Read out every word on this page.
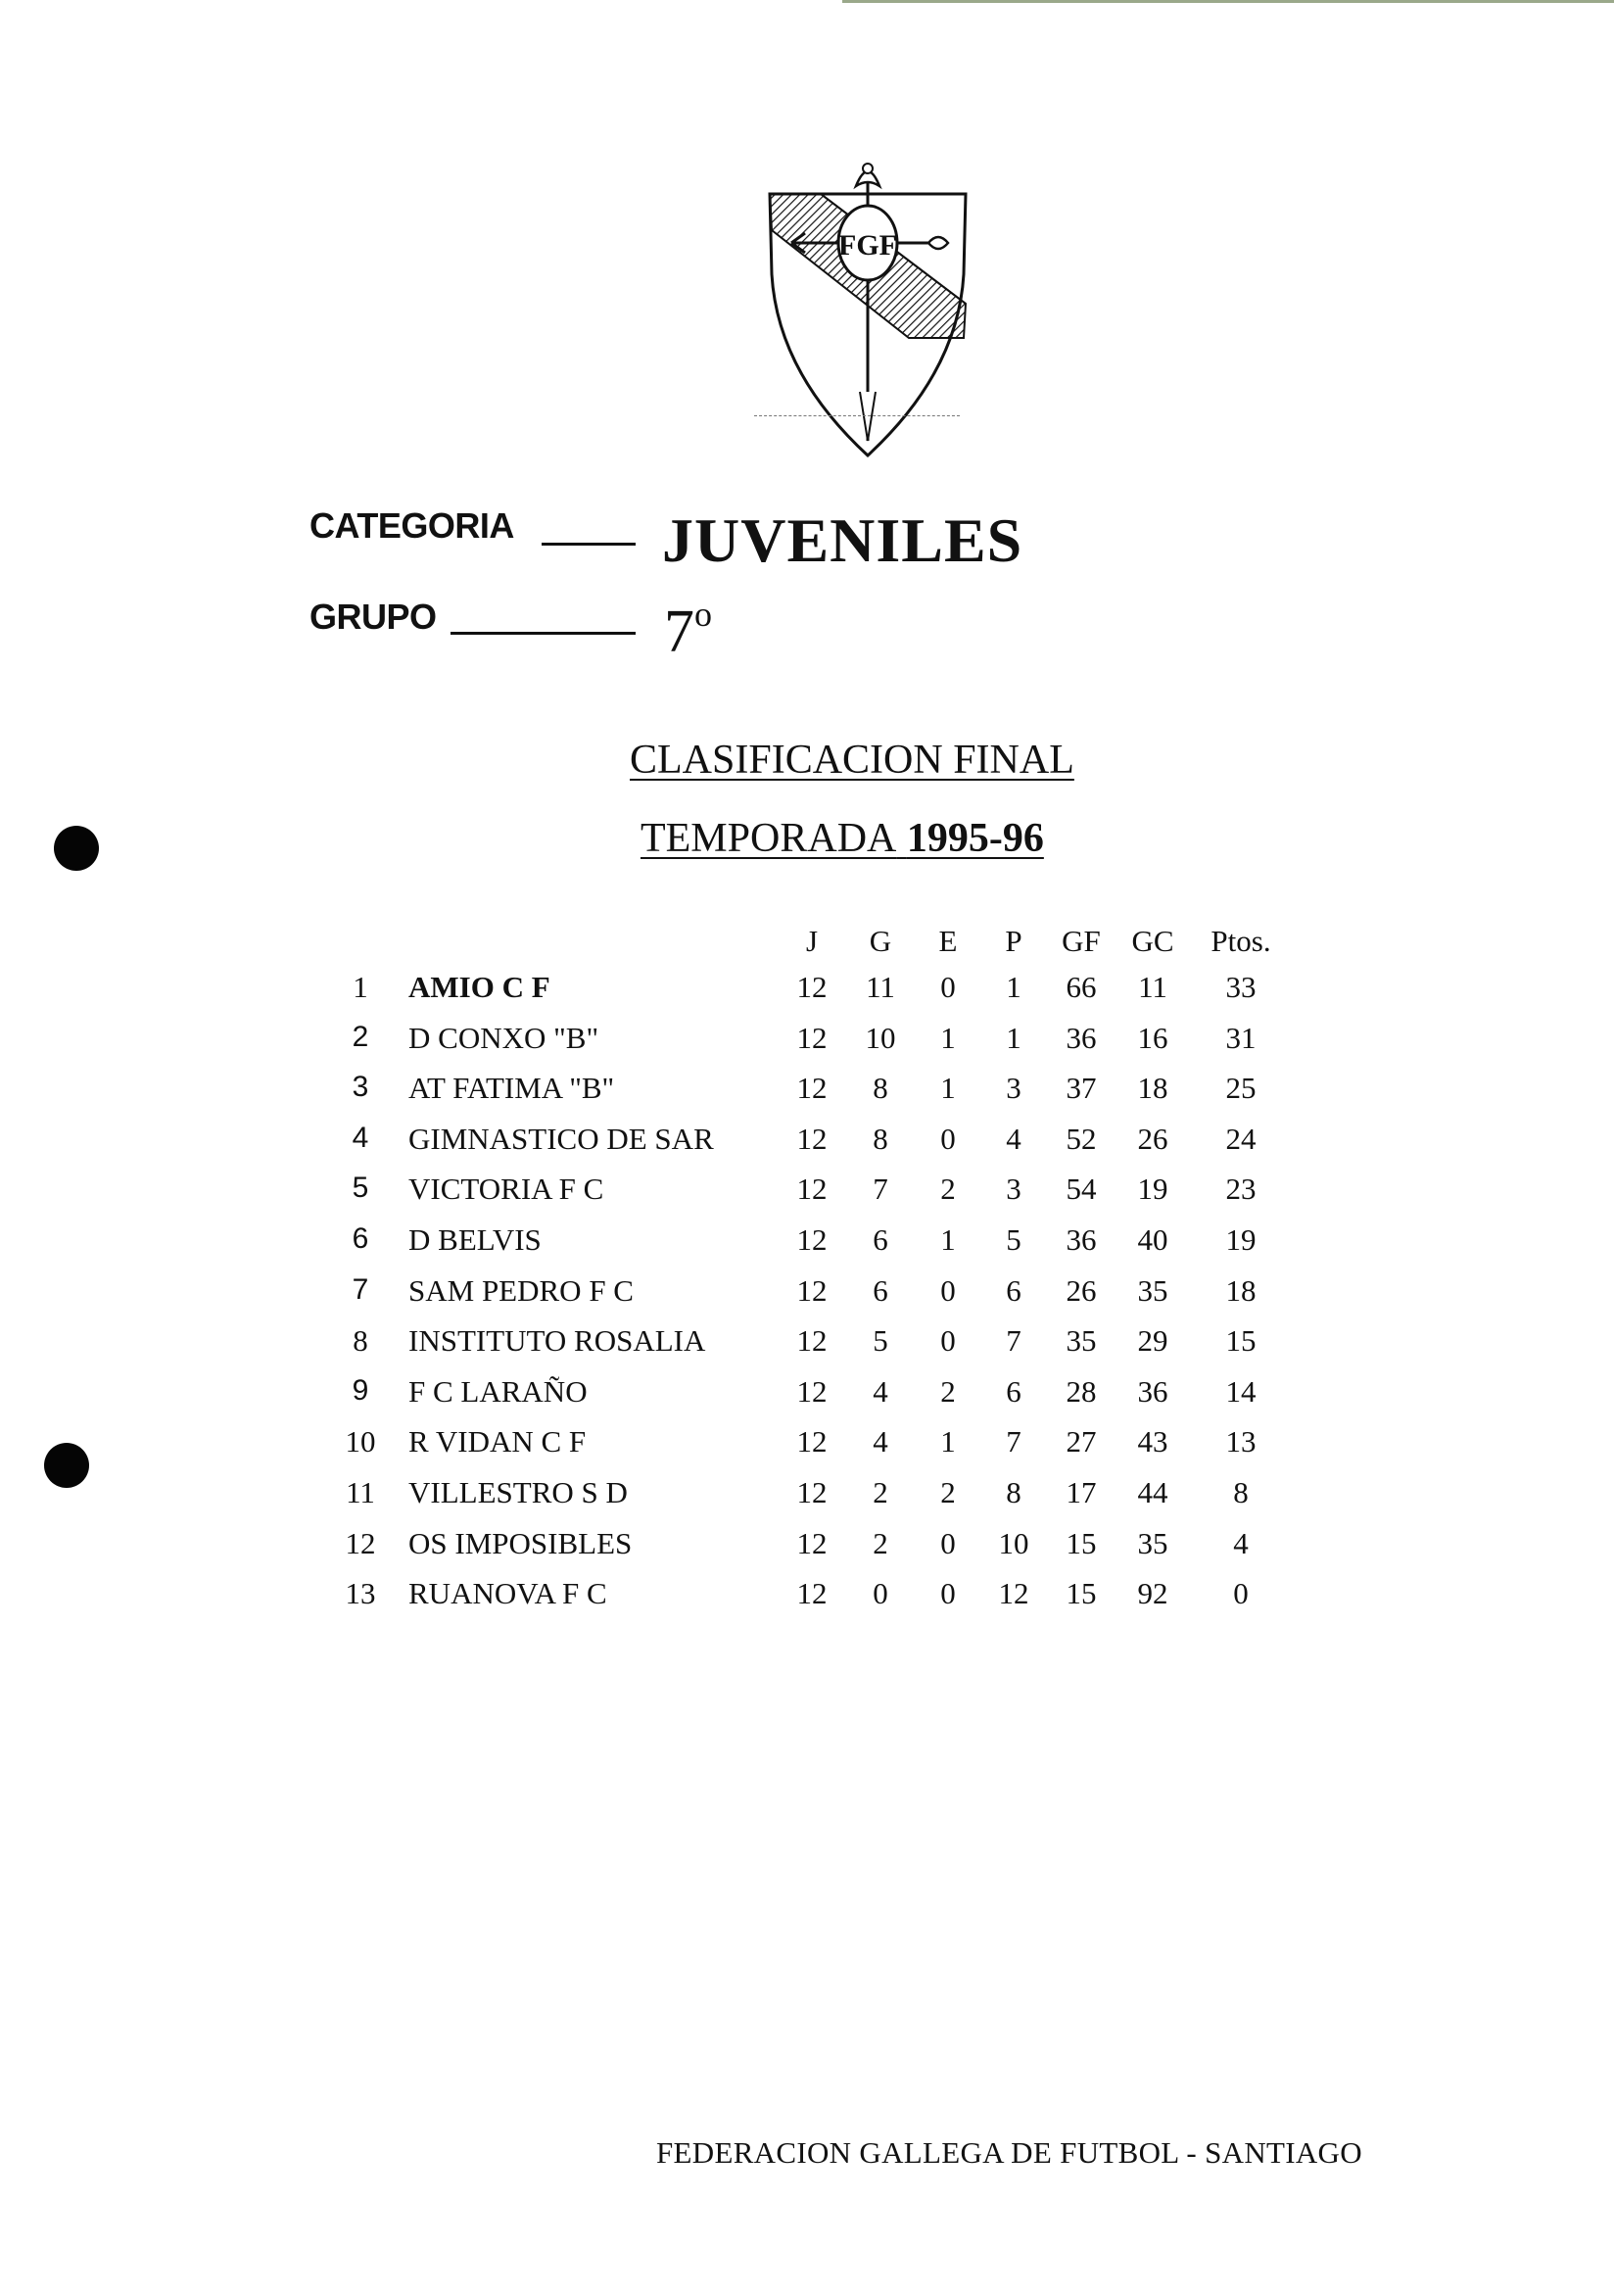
FGF
CATEGORIA JUVENILES
GRUPO	7$^o$
CLASIFICACION FINAL
TEMPORADA 1995-96
J	G	E	P	GF	GC	Ptos.
1	AMIO C F	12	11	0	1	66	11	33
2	D CONXO "B"	12	10	1	1	36	16	31
3	AT FATIMA "B"	12	8	1	3	37	18	25
4	GIMNASTICO DE SAR	12	8	0	4	52	26	24
5	VICTORIA F C	12	7	2	3	54	19	23
6	D BELVIS	12	6	1	5	36	40	19
7	SAM PEDRO F C	12	6	0	6	26	35	18
8	INSTITUTO ROSALIA	12	5	0	7	35	29	15
9	F C LARAÑO	12	4	2	6	28	36	14
10	R VIDAN C F	12	4	1	7	27	43	13
11	VILLESTRO S D	12	2	2	8	17	44	8
12	OS IMPOSIBLES	12	2	0	10	15	35	4
13	RUANOVA F C	12	0	0	12	15	92	0
FEDERACION GALLEGA DE FUTBOL - SANTIAGO
